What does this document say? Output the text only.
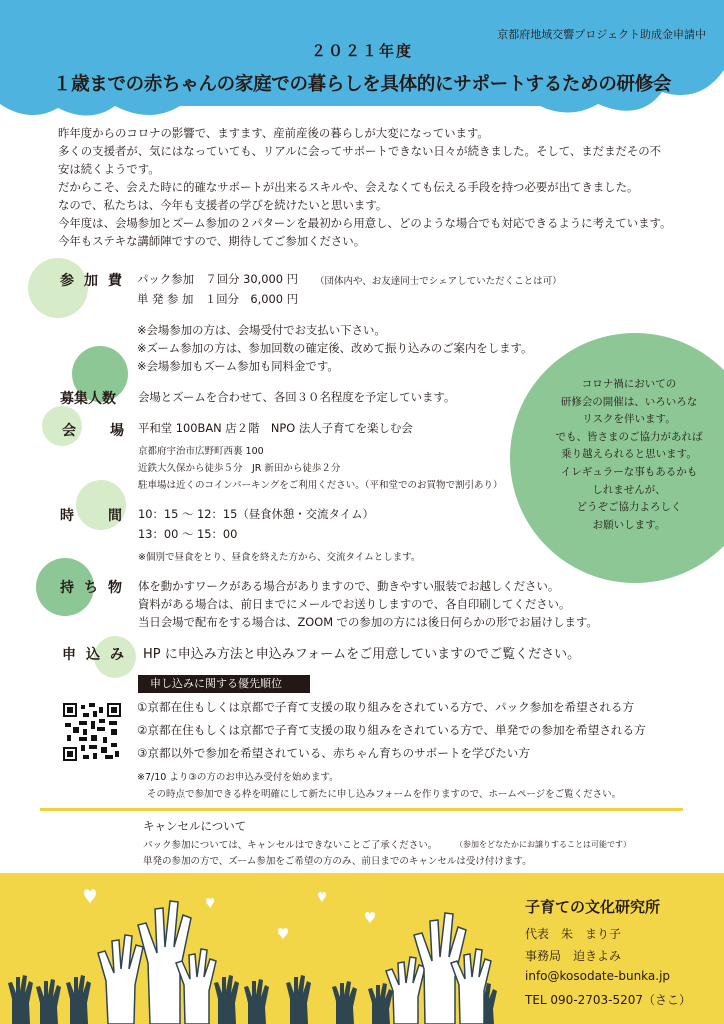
京都府地域交響プロジェクト助成金申請中
２０２１年度
１歳までの赤ちゃんの家庭での暮らしを具体的にサポートするための研修会

昨年度からのコロナの影響で、ますます、産前産後の暮らしが大変になっています。

多くの支援者が、気にはなっていても、リアルに会ってサポートできない日々が続きました。そして、まだまだその不

安は続くようです。

だからこそ、会えた時に的確なサポートが出来るスキルや、会えなくても伝える手段を持つ必要が出てきました。

なので、私たちは、今年も支援者の学びを続けたいと思います。

今年度は、会場参加とズーム参加の２パターンを最初から用意し、どのような場合でも対応できるように考えています。

今年もステキな講師陣ですので、期待してご参加ください。

参加費 パック参加　７回分 30,000 円 （団体内や、お友達同士でシェアしていただくことは可）
単 発 参 加　１回分　6,000 円
※会場参加の方は、会場受付でお支払い下さい。
※ズーム参加の方は、参加回数の確定後、改めて振り込みのご案内をします。
※会場参加もズーム参加も同料金です。
募集人数 会場とズームを合わせて、各回３０名程度を予定しています。
会　場 平和堂 100BAN 店２階　NPO 法人子育てを楽しむ会
京都府宇治市広野町西裏 100
近鉄大久保から徒歩５分　JR 新田から徒歩２分
駐車場は近くのコインパーキングをご利用ください。（平和堂でのお買物で割引あり）
時　間 10：15 ～ 12：15（昼食休憩・交流タイム）
13：00 ～ 15：00
※個別で昼食をとり、昼食を終えた方から、交流タイムとします。
持ち物 体を動かすワークがある場合がありますので、動きやすい服装でお越しください。
資料がある場合は、前日までにメールでお送りしますので、各自印刷してください。
当日会場で配布をする場合は、ZOOM での参加の方には後日何らかの形でお届けします。
申込み HP に申込み方法と申込みフォームをご用意していますのでご覧ください。
申し込みに関する優先順位
①京都在住もしくは京都で子育て支援の取り組みをされている方で、パック参加を希望される方
②京都在住もしくは京都で子育て支援の取り組みをされている方で、単発での参加を希望される方
③京都以外で参加を希望されている、赤ちゃん育ちのサポートを学びたい方
※7/10 より③の方のお申込み受付を始めます。
その時点で参加できる枠を明確にして新たに申し込みフォームを作りますので、ホームページをご覧ください。
コロナ禍においての
研修会の開催は、いろいろな
リスクを伴います。
でも、皆さまのご協力があれば
乗り越えられると思います。
イレギュラーな事もあるかも
しれませんが、
どうぞご協力よろしく
お願いします。
キャンセルについて
パック参加については、キャンセルはできないことご了承ください。 （参加をどなたかにお譲りすることは可能です）
単発の参加の方で、ズーム参加をご希望の方のみ、前日までのキャンセルは受け付けます。
子育ての文化研究所
代表　朱　まり子
事務局　迫きよみ
info@kosodate-bunka.jp
TEL 090-2703-5207（さこ）
